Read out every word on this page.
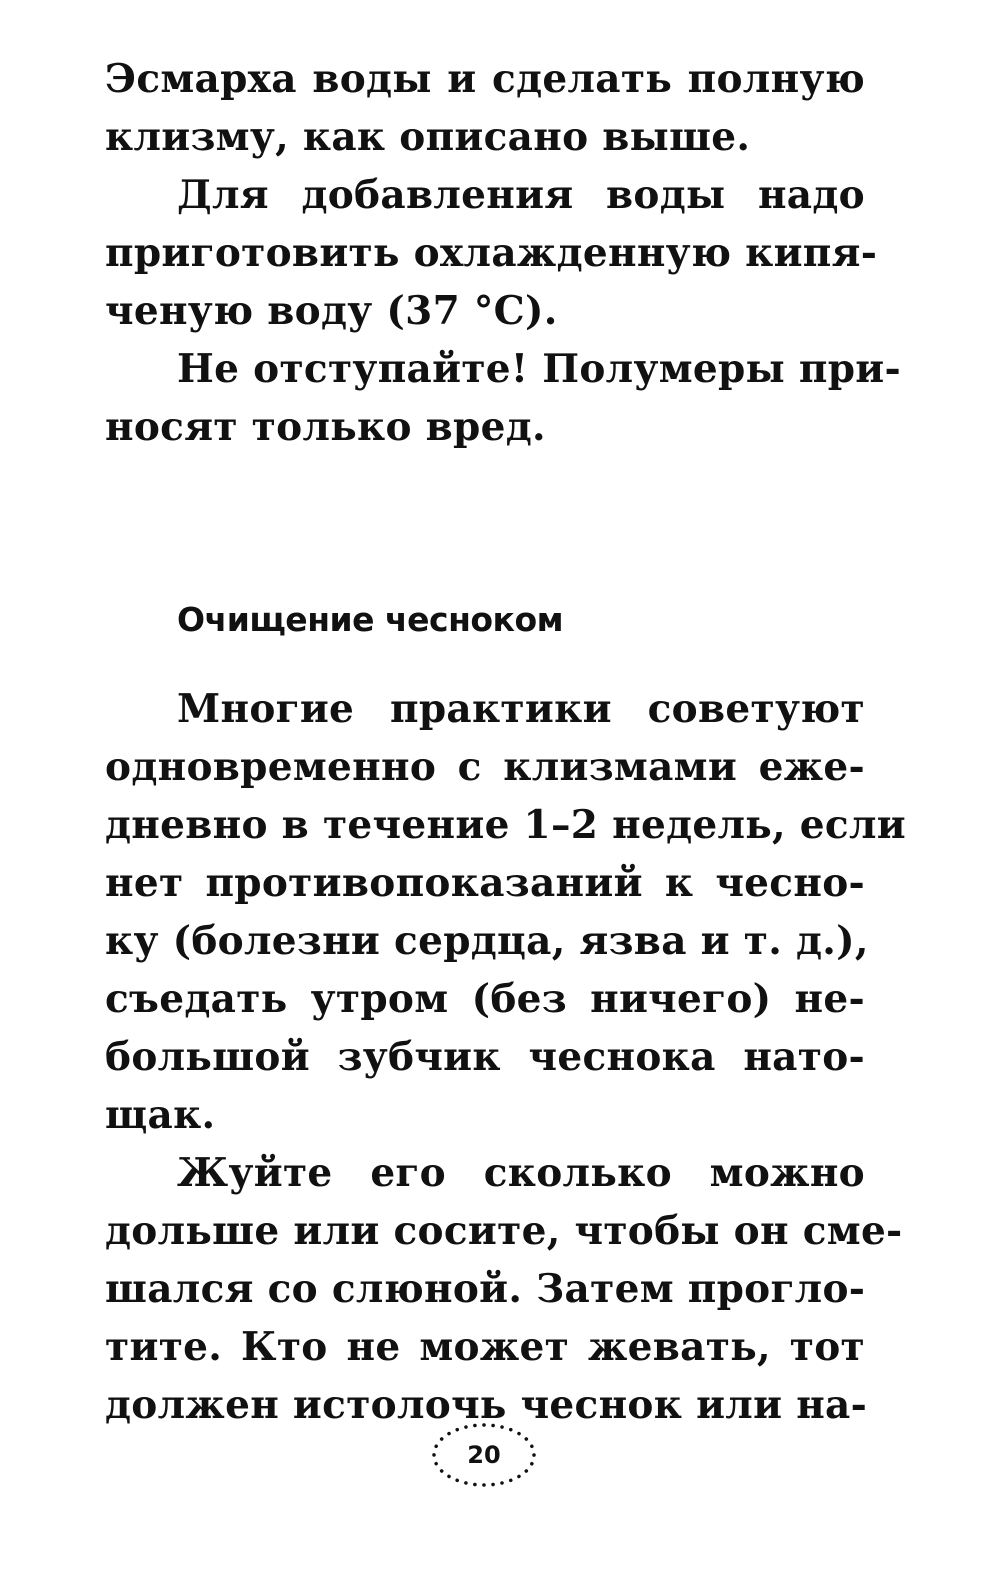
Эсмарха воды и сделать полную
клизму, как описано выше.
Для добавления воды надо
приготовить охлажденную кипя-
ченую воду (37 °С).
Не отступайте! Полумеры при-
носят только вред.
Очищение чесноком
Многие практики советуют
одновременно с клизмами еже-
дневно в течение 1–2 недель, если
нет противопоказаний к чесно-
ку (болезни сердца, язва и т. д.),
съедать утром (без ничего) не-
большой зубчик чеснока нато-
щак.
Жуйте его сколько можно
дольше или сосите, чтобы он сме-
шался со слюной. Затем прогло-
тите. Кто не может жевать, тот
должен истолочь чеснок или на-
20
